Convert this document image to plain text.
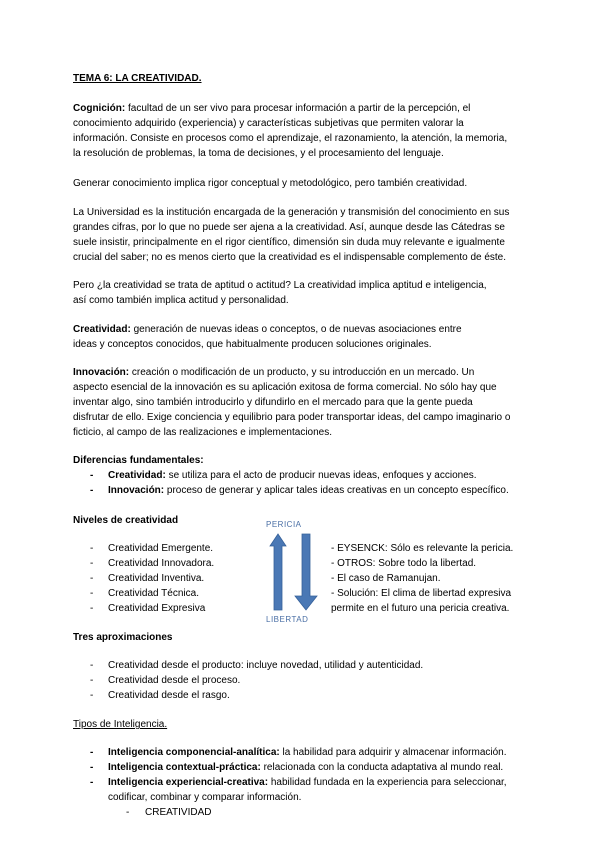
TEMA 6: LA CREATIVIDAD.
Cognición: facultad de un ser vivo para procesar información a partir de la percepción, el
conocimiento adquirido (experiencia) y características subjetivas que permiten valorar la
información. Consiste en procesos como el aprendizaje, el razonamiento, la atención, la memoria,
la resolución de problemas, la toma de decisiones, y el procesamiento del lenguaje.
Generar conocimiento implica rigor conceptual y metodológico, pero también creatividad.
La Universidad es la institución encargada de la generación y transmisión del conocimiento en sus
grandes cifras, por lo que no puede ser ajena a la creatividad. Así, aunque desde las Cátedras se
suele insistir, principalmente en el rigor científico, dimensión sin duda muy relevante e igualmente
crucial del saber; no es menos cierto que la creatividad es el indispensable complemento de éste.
Pero ¿la creatividad se trata de aptitud o actitud? La creatividad implica aptitud e inteligencia,
así como también implica actitud y personalidad.
Creatividad: generación de nuevas ideas o conceptos, o de nuevas asociaciones entre
ideas y conceptos conocidos, que habitualmente producen soluciones originales.
Innovación: creación o modificación de un producto, y su introducción en un mercado. Un
aspecto esencial de la innovación es su aplicación exitosa de forma comercial. No sólo hay que
inventar algo, sino también introducirlo y difundirlo en el mercado para que la gente pueda
disfrutar de ello. Exige conciencia y equilibrio para poder transportar ideas, del campo imaginario o
ficticio, al campo de las realizaciones e implementaciones.
Diferencias fundamentales:
- Creatividad: se utiliza para el acto de producir nuevas ideas, enfoques y acciones.
- Innovación: proceso de generar y aplicar tales ideas creativas en un concepto específico.
Niveles de creatividad	PERICIA
LIBERTAD
- Creatividad Emergente.	- EYSENCK: Sólo es relevante la pericia.
- Creatividad Innovadora.	- OTROS: Sobre todo la libertad.
- Creatividad Inventiva.	- El caso de Ramanujan.
- Creatividad Técnica.	- Solución: El clima de libertad expresiva
- Creatividad Expresiva	permite en el futuro una pericia creativa.
Tres aproximaciones
- Creatividad desde el producto: incluye novedad, utilidad y autenticidad.
- Creatividad desde el proceso.
- Creatividad desde el rasgo.
Tipos de Inteligencia.
- Inteligencia componencial-analítica: la habilidad para adquirir y almacenar información.
- Inteligencia contextual-práctica: relacionada con la conducta adaptativa al mundo real.
- Inteligencia experiencial-creativa: habilidad fundada en la experiencia para seleccionar,
codificar, combinar y comparar información.
- CREATIVIDAD
